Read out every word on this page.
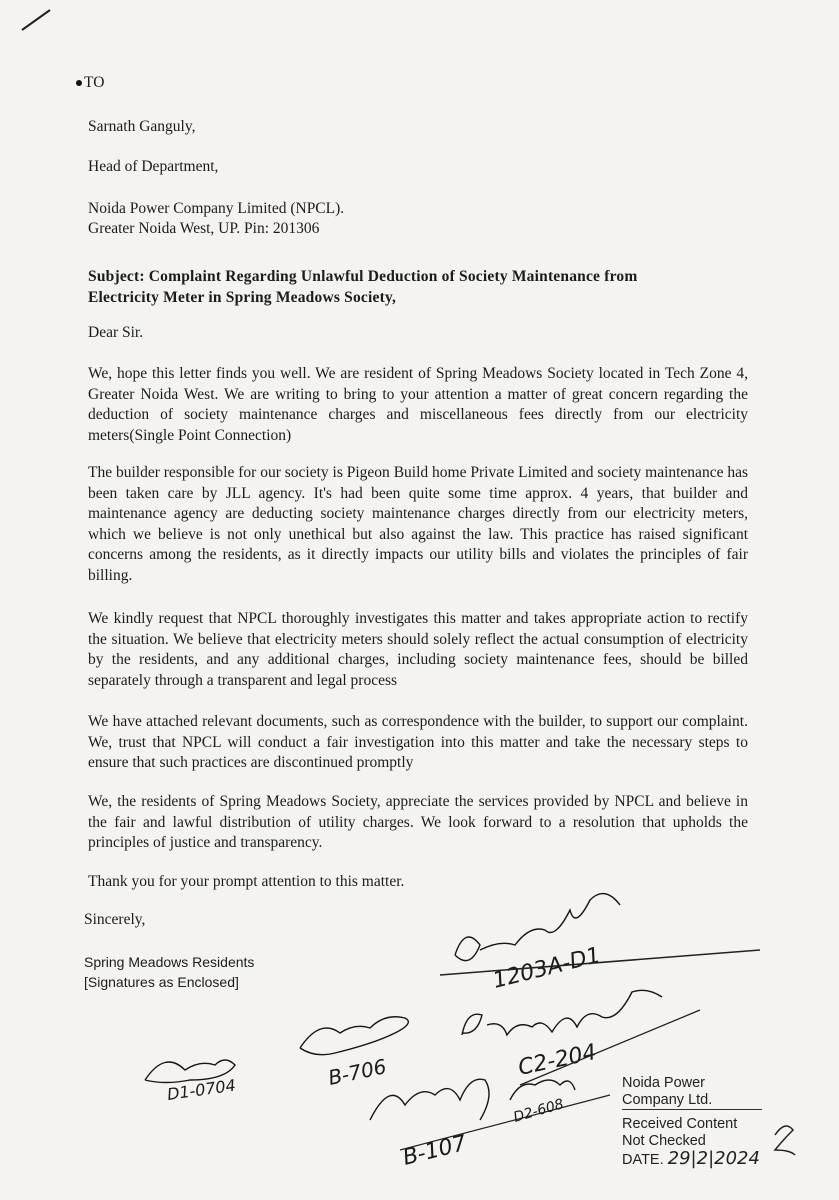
TO
Sarnath Ganguly,
Head of Department,
Noida Power Company Limited (NPCL).
Greater Noida West, UP. Pin: 201306
Subject: Complaint Regarding Unlawful Deduction of Society Maintenance from
Electricity Meter in Spring Meadows Society,
Dear Sir.
We, hope this letter finds you well. We are resident of Spring Meadows Society located in Tech Zone 4, Greater Noida West. We are writing to bring to your attention a matter of great concern regarding the deduction of society maintenance charges and miscellaneous fees directly from our electricity meters(Single Point Connection)
The builder responsible for our society is Pigeon Build home Private Limited and society maintenance has been taken care by JLL agency. It's had been quite some time approx. 4 years, that builder and maintenance agency are deducting society maintenance charges directly from our electricity meters, which we believe is not only unethical but also against the law. This practice has raised significant concerns among the residents, as it directly impacts our utility bills and violates the principles of fair billing.
We kindly request that NPCL thoroughly investigates this matter and takes appropriate action to rectify the situation. We believe that electricity meters should solely reflect the actual consumption of electricity by the residents, and any additional charges, including society maintenance fees, should be billed separately through a transparent and legal process
We have attached relevant documents, such as correspondence with the builder, to support our complaint. We, trust that NPCL will conduct a fair investigation into this matter and take the necessary steps to ensure that such practices are discontinued promptly
We, the residents of Spring Meadows Society, appreciate the services provided by NPCL and believe in the fair and lawful distribution of utility charges. We look forward to a resolution that upholds the principles of justice and transparency.
Thank you for your prompt attention to this matter.
Sincerely,
Spring Meadows Residents
[Signatures as Enclosed]	1203A-D1
C2-204
B-706
D1-0704
B-107
D2-608
Noida Power
Company Ltd.
Received Content
Not Checked
DATE. 29|2|2024
